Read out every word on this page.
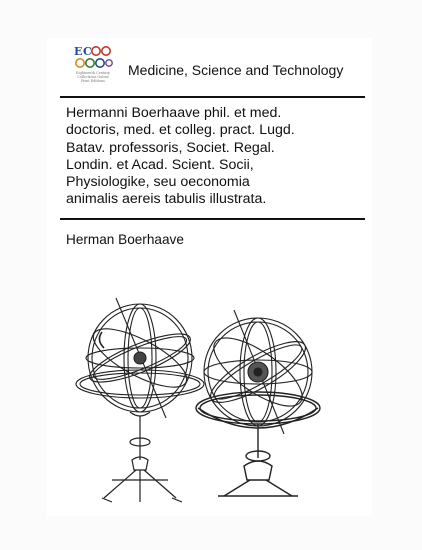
E C
Eighteenth Century
Collections Online
Print Editions
Medicine, Science and Technology
Hermanni Boerhaave phil. et med.
doctoris, med. et colleg. pract. Lugd.
Batav. professoris, Societ. Regal.
Londin. et Acad. Scient. Socii,
Physiologike, seu oeconomia
animalis aereis tabulis illustrata.
Herman Boerhaave
